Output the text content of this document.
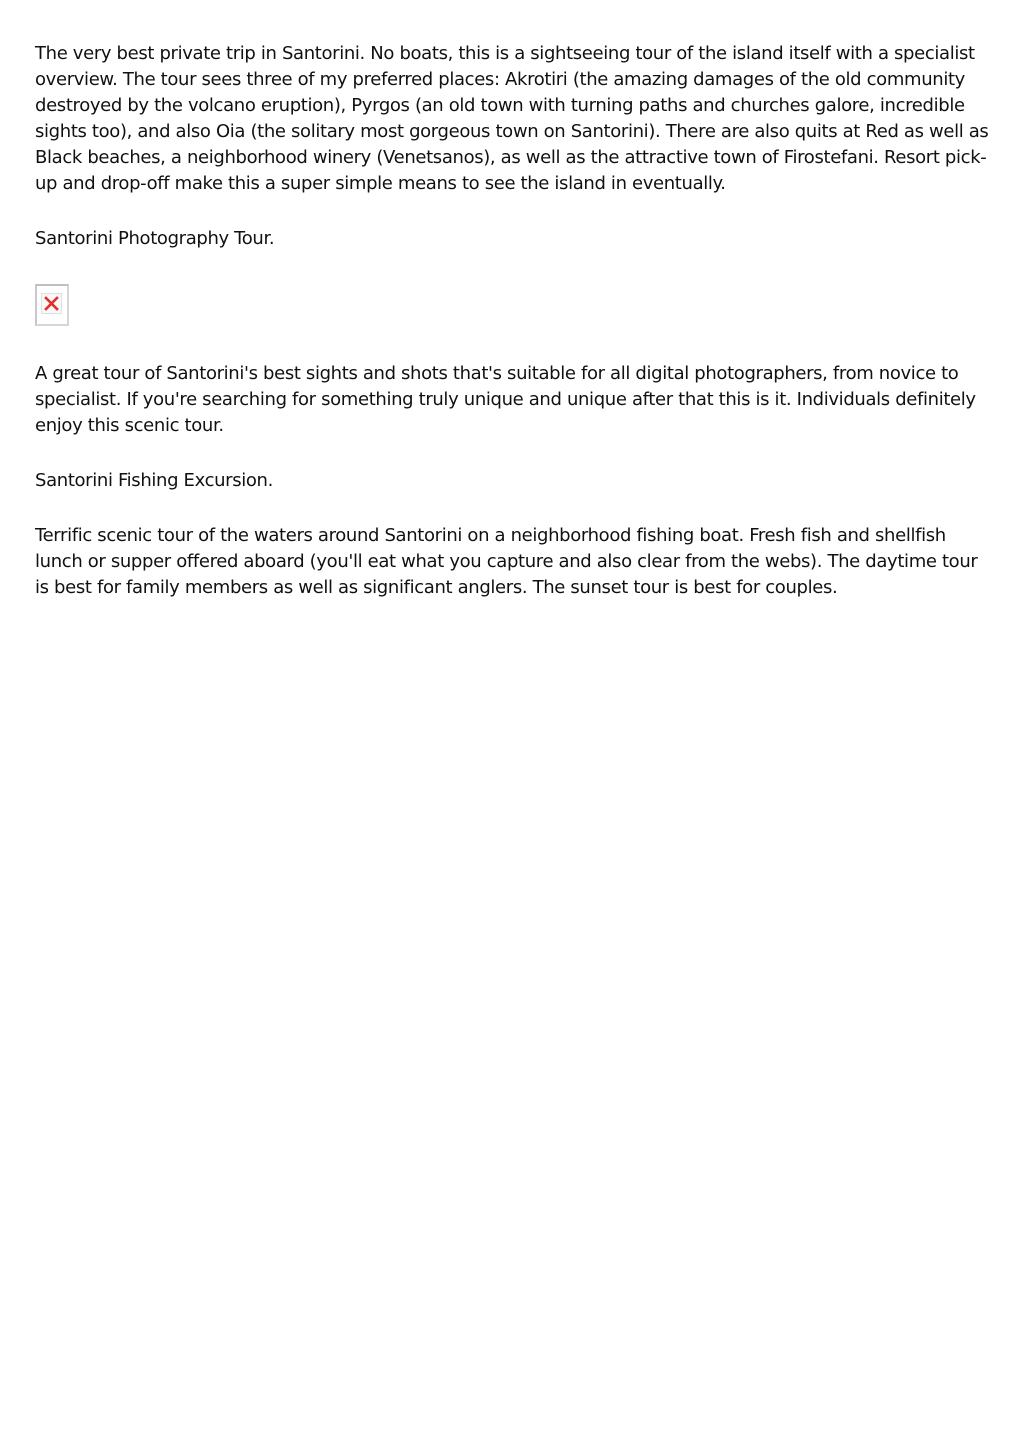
The very best private trip in Santorini. No boats, this is a sightseeing tour of the island itself with a specialist overview. The tour sees three of my preferred places: Akrotiri (the amazing damages of the old community destroyed by the volcano eruption), Pyrgos (an old town with turning paths and churches galore, incredible sights too), and also Oia (the solitary most gorgeous town on Santorini). There are also quits at Red as well as Black beaches, a neighborhood winery (Venetsanos), as well as the attractive town of Firostefani. Resort pick-up and drop-off make this a super simple means to see the island in eventually.

Santorini Photography Tour.

A great tour of Santorini's best sights and shots that's suitable for all digital photographers, from novice to specialist. If you're searching for something truly unique and unique after that this is it. Individuals definitely enjoy this scenic tour.

Santorini Fishing Excursion.

Terrific scenic tour of the waters around Santorini on a neighborhood fishing boat. Fresh fish and shellfish lunch or supper offered aboard (you'll eat what you capture and also clear from the webs). The daytime tour is best for family members as well as significant anglers. The sunset tour is best for couples.
